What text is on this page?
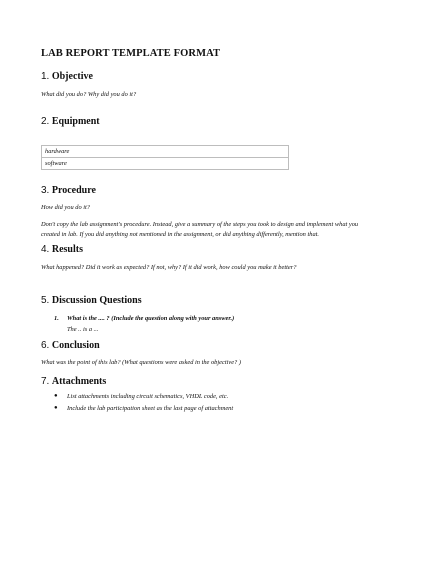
LAB REPORT TEMPLATE FORMAT
1. Objective
What did you do? Why did you do it?
2. Equipment
hardware
software
3. Procedure
How did you do it?
Don't copy the lab assignment's procedure. Instead, give a summary of the steps you took to design and implement what you
created in lab. If you did anything not mentioned in the assignment, or did anything differently, mention that.
4. Results
What happened? Did it work as expected? If not, why? If it did work, how could you make it better?
5. Discussion Questions
1. What is the .... ? (Include the question along with your answer.)
The .. is a ...
6. Conclusion
What was the point of this lab? (What questions were asked in the objective? )
7. Attachments
● List attachments including circuit schematics, VHDL code, etc.
● Include the lab participation sheet as the last page of attachment
